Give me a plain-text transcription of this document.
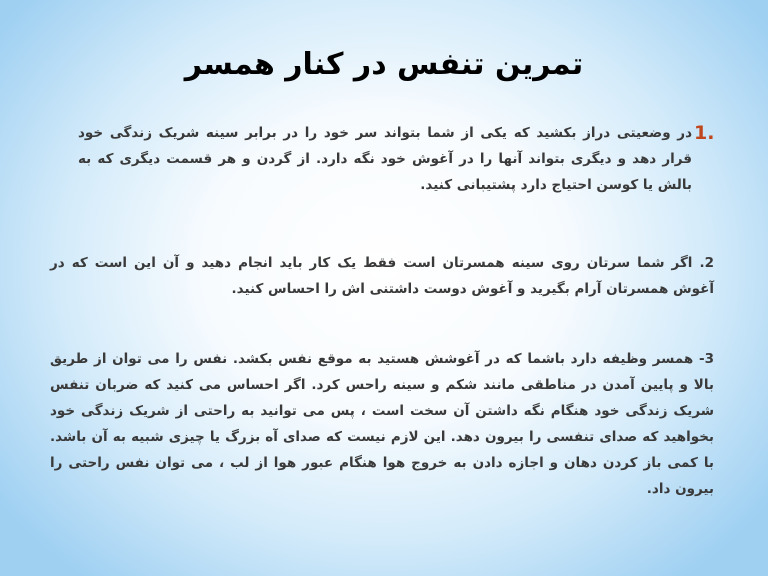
تمرین تنفس در کنار همسر
1.

در وضعیتی دراز بکشید که یکی از شما بتواند سر خود را در برابر سینه شریک زندگی خود قرار دهد و دیگری بتواند آنها را در آغوش خود نگه دارد. از گردن و هر قسمت دیگری که به بالش یا کوسن احتیاج دارد پشتیبانی کنید.

2. اگر شما سرتان روی سینه همسرتان است فقط یک کار باید انجام دهید و آن این است که در آغوش همسرتان آرام بگیرید و آغوش دوست داشتنی اش را احساس کنید.

3- همسر وظیفه دارد باشما که در آغوشش هستید به موقع نفس بکشد. نفس را می توان از طریق بالا و پایین آمدن در مناطقی مانند شکم و سینه راحس کرد. اگر احساس می کنید که ضربان تنفس شریک زندگی خود هنگام نگه داشتن آن سخت است ، پس می توانید به راحتی از شریک زندگی خود بخواهید که صدای تنفسی را بیرون دهد. این لازم نیست که صدای آه بزرگ یا چیزی شبیه به آن باشد. با کمی باز کردن دهان و اجازه دادن به خروج هوا هنگام عبور هوا از لب ، می توان نفس راحتی را بیرون داد.
